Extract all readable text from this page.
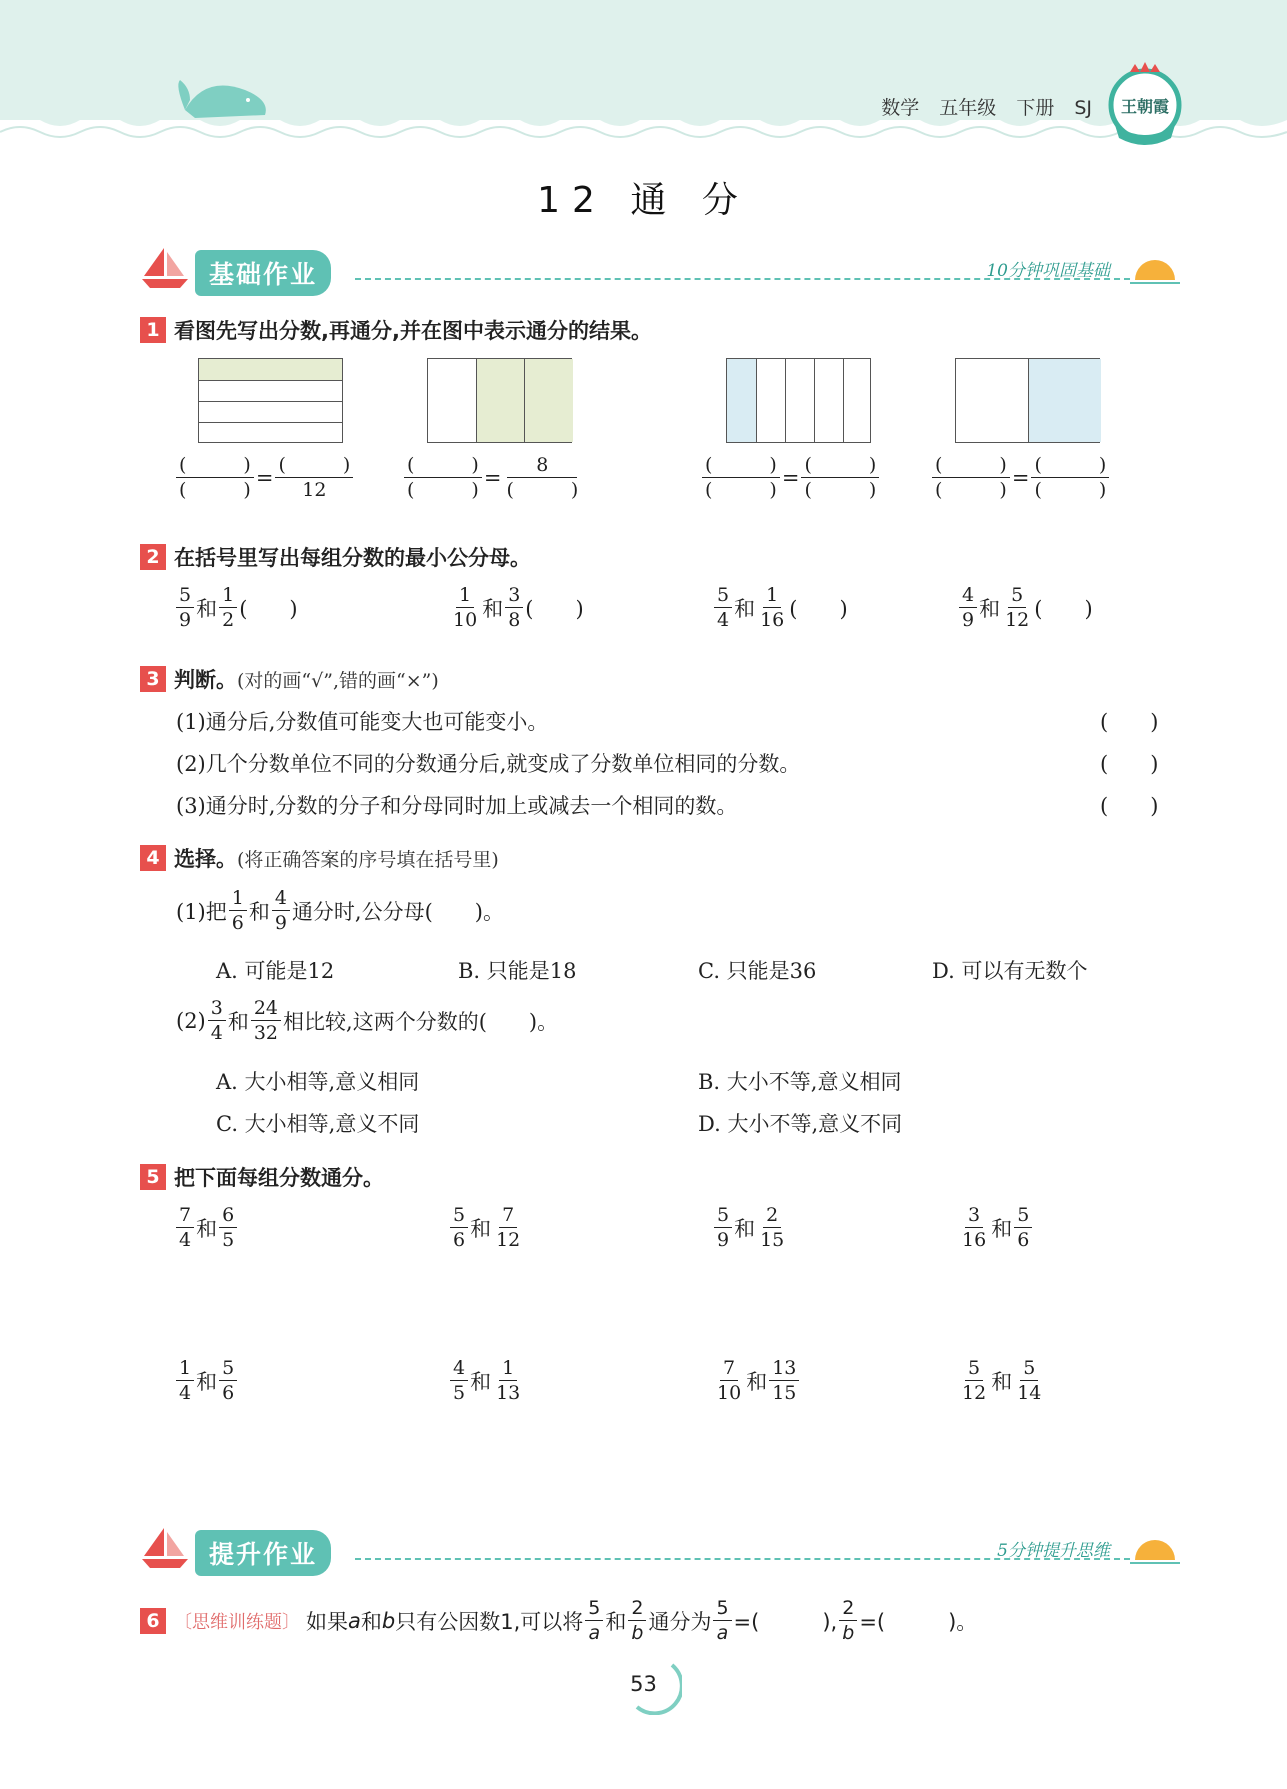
数学 五年级 下册 SJ 王朝霞
12 通 分
基础作业	10分钟巩固基础
1 看图先写出分数,再通分,并在图中表示通分的结果。
$\frac{( )}{( )} = \frac{( )}{12}$	$\frac{( )}{( )} = \frac{8}{( )}$	$\frac{( )}{( )} = \frac{( )}{( )}$	$\frac{( )}{( )} = \frac{( )}{( )}$
2 在括号里写出每组分数的最小公分母。
$\frac{5}{9}$ 和 $\frac{1}{2}$ (　　)	$\frac{1}{10}$ 和 $\frac{3}{8}$ (　　)	$\frac{5}{4}$ 和 $\frac{1}{16}$ (　　)	$\frac{4}{9}$ 和 $\frac{5}{12}$ (　　)
3 判断。 (对的画“√”,错的画“×”)
(1)通分后,分数值可能变大也可能变小。	(　　)
(2)几个分数单位不同的分数通分后,就变成了分数单位相同的分数。	(　　)
(3)通分时,分数的分子和分母同时加上或减去一个相同的数。	(　　)
4 选择。 (将正确答案的序号填在括号里)
(1)把 $\frac{1}{6}$ 和 $\frac{4}{9}$ 通分时,公分母(　　)。
A. 可能是12	B. 只能是18	C. 只能是36	D. 可以有无数个
$(2) \frac{3}{4}$ 和 $\frac{24}{32}$ 相比较,这两个分数的(　　)。
A. 大小相等,意义相同	B. 大小不等,意义相同
C. 大小相等,意义不同	D. 大小不等,意义不同
5 把下面每组分数通分。
$\frac{7}{4}$ 和 $\frac{6}{5}$	$\frac{5}{6}$ 和 $\frac{7}{12}$	$\frac{5}{9}$ 和 $\frac{2}{15}$	$\frac{3}{16}$ 和 $\frac{5}{6}$
$\frac{1}{4}$ 和 $\frac{5}{6}$	$\frac{4}{5}$ 和 $\frac{1}{13}$	$\frac{7}{10}$ 和 $\frac{13}{15}$	$\frac{5}{12}$ 和 $\frac{5}{14}$
提升作业	5分钟提升思维
6 〔思维训练题〕 如果 a 和 b 只有公因数1,可以将 $\frac{5}{a}$ 和 $\frac{2}{b}$ 通分为 $\frac{5}{a}$ =(　　　), $\frac{2}{b}$ =(　　　)。
53
